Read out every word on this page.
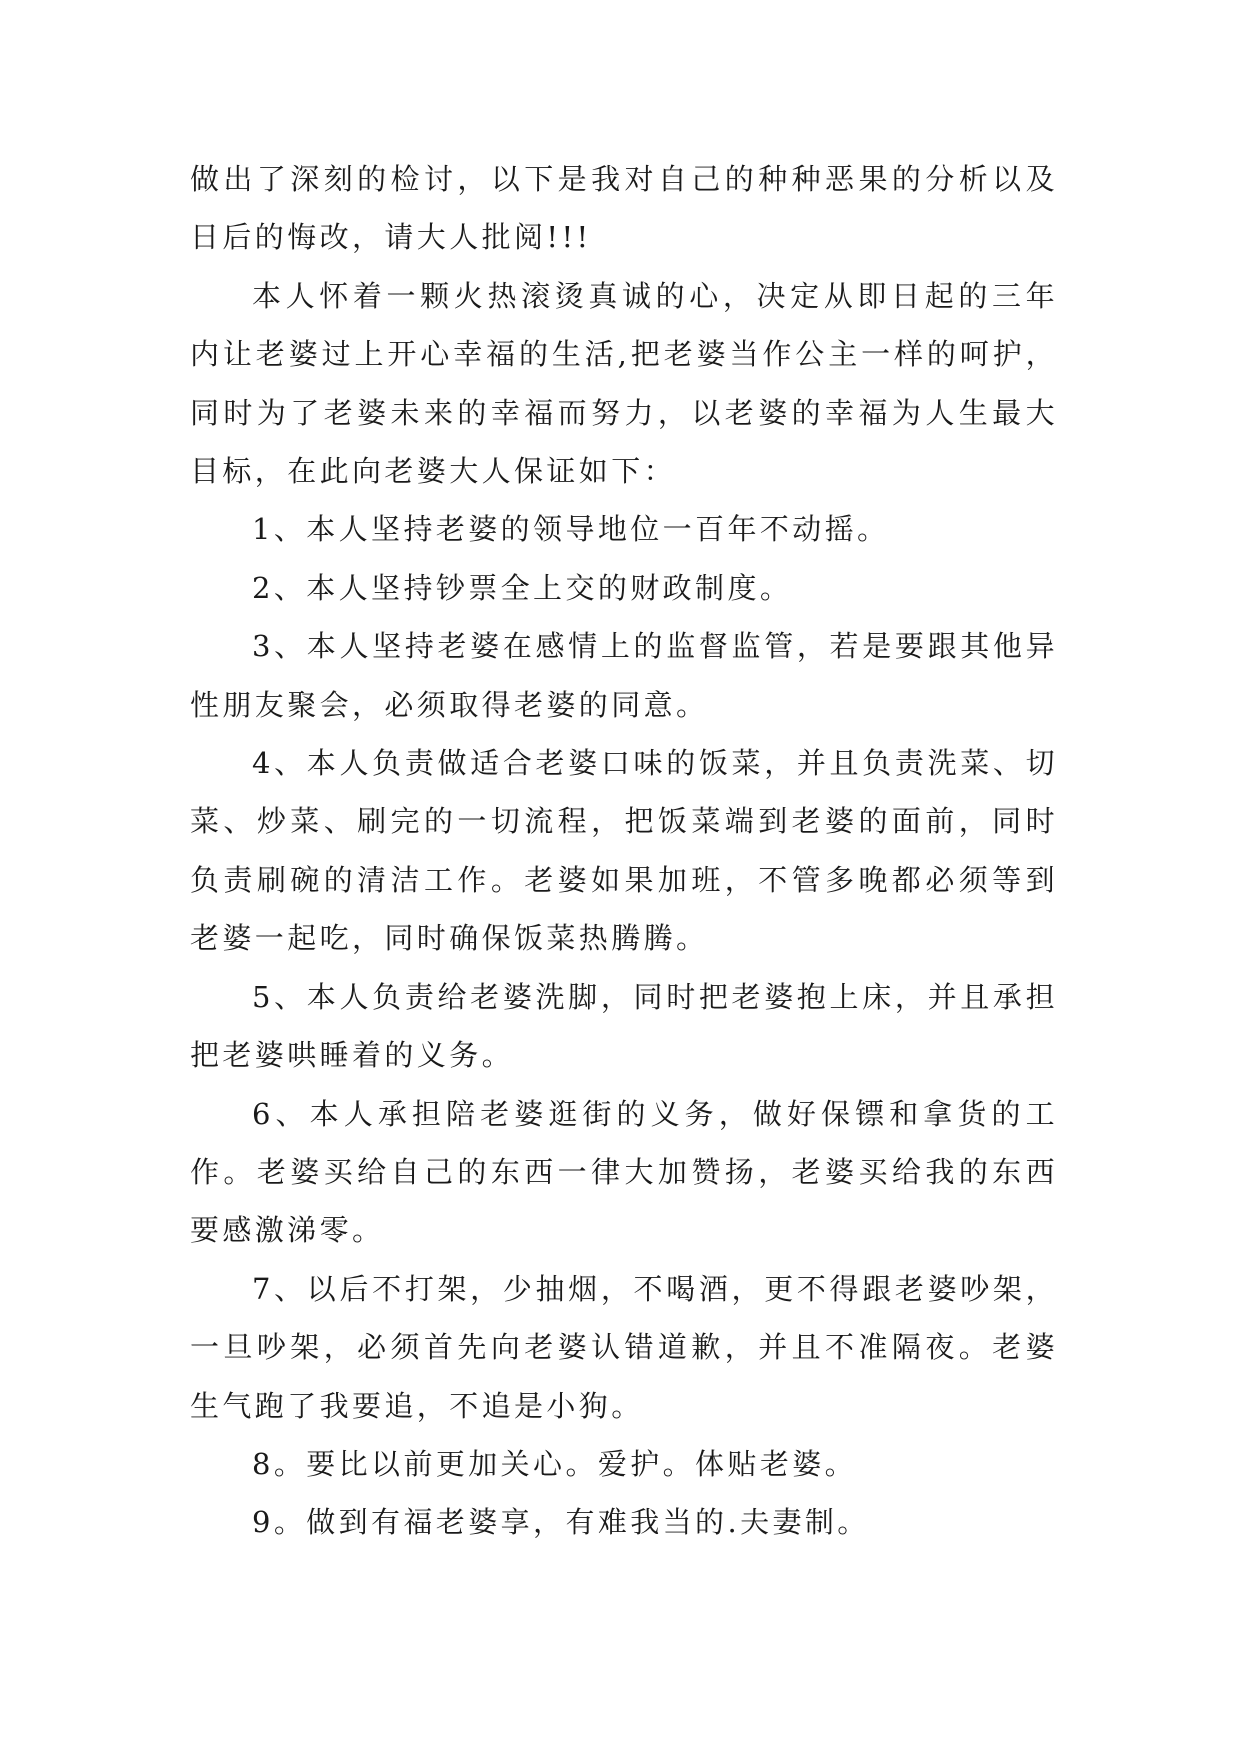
做出了深刻的检讨，以下是我对自己的种种恶果的分析以及日后的悔改，请大人批阅!!!

本人怀着一颗火热滚烫真诚的心，决定从即日起的三年内让老婆过上开心幸福的生活,把老婆当作公主一样的呵护，同时为了老婆未来的幸福而努力，以老婆的幸福为人生最大目标，在此向老婆大人保证如下：

1、本人坚持老婆的领导地位一百年不动摇。

2、本人坚持钞票全上交的财政制度。

3、本人坚持老婆在感情上的监督监管，若是要跟其他异性朋友聚会，必须取得老婆的同意。

4、本人负责做适合老婆口味的饭菜，并且负责洗菜、切菜、炒菜、刷完的一切流程，把饭菜端到老婆的面前，同时负责刷碗的清洁工作。老婆如果加班，不管多晚都必须等到老婆一起吃，同时确保饭菜热腾腾。

5、本人负责给老婆洗脚，同时把老婆抱上床，并且承担把老婆哄睡着的义务。

6、本人承担陪老婆逛街的义务，做好保镖和拿货的工作。老婆买给自己的东西一律大加赞扬，老婆买给我的东西要感激涕零。

7、以后不打架，少抽烟，不喝酒，更不得跟老婆吵架，一旦吵架，必须首先向老婆认错道歉，并且不准隔夜。老婆生气跑了我要追，不追是小狗。

8。要比以前更加关心。爱护。体贴老婆。

9。做到有福老婆享，有难我当的.夫妻制。
